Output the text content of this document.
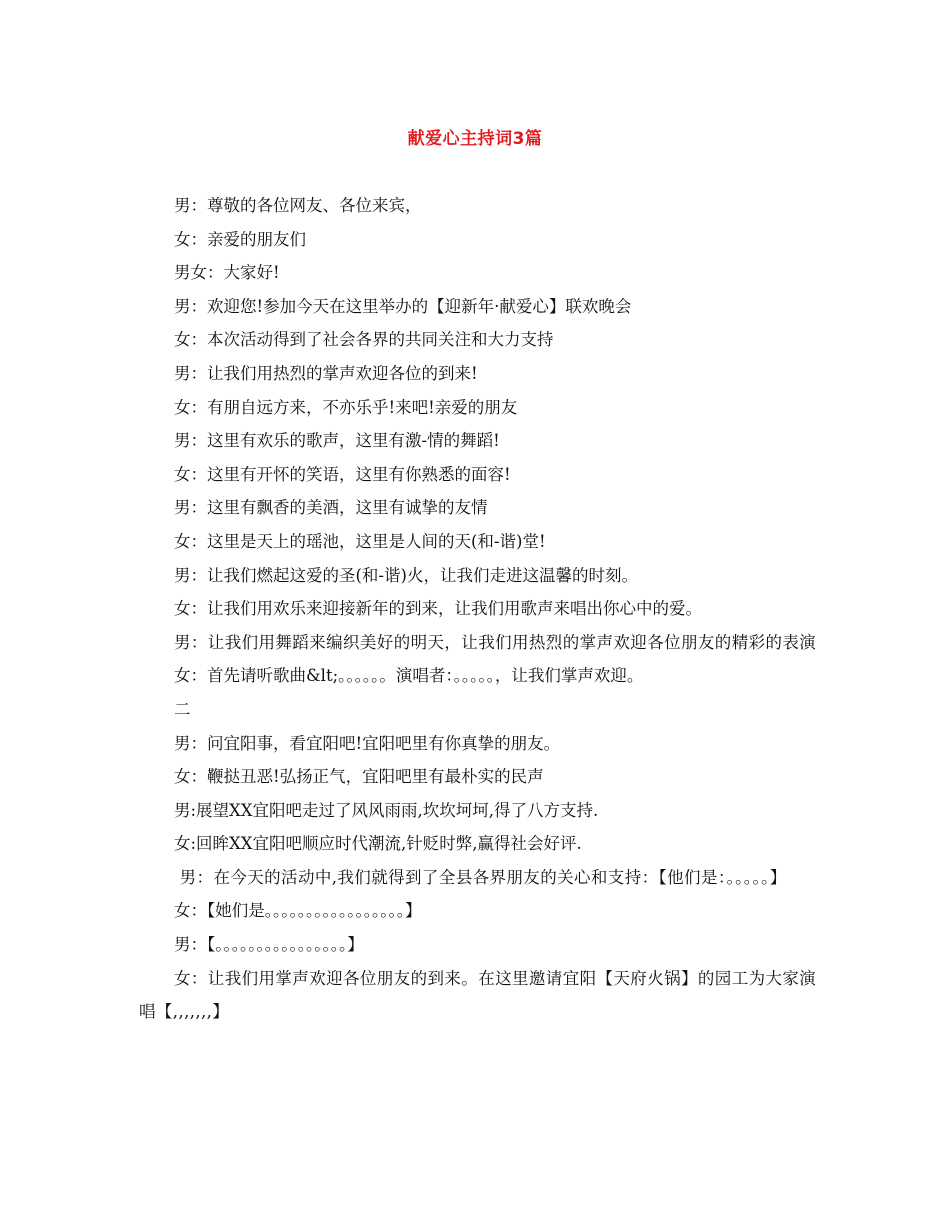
献爱心主持词3篇

男：尊敬的各位网友、各位来宾，

女：亲爱的朋友们

男女：大家好!

男：欢迎您!参加今天在这里举办的【迎新年·献爱心】联欢晚会

女：本次活动得到了社会各界的共同关注和大力支持

男：让我们用热烈的掌声欢迎各位的到来!

女：有朋自远方来，不亦乐乎!来吧!亲爱的朋友

男：这里有欢乐的歌声，这里有激-情的舞蹈!

女：这里有开怀的笑语，这里有你熟悉的面容!

男：这里有飘香的美酒，这里有诚挚的友情

女：这里是天上的瑶池，这里是人间的天(和-谐)堂!

男：让我们燃起这爱的圣(和-谐)火，让我们走进这温馨的时刻。

女：让我们用欢乐来迎接新年的到来，让我们用歌声来唱出你心中的爱。

男：让我们用舞蹈来编织美好的明天，让我们用热烈的掌声欢迎各位朋友的精彩的表演

女：首先请听歌曲&lt;。。。。。。演唱者：。。。。。，让我们掌声欢迎。

二

男：问宜阳事，看宜阳吧!宜阳吧里有你真挚的朋友。

女：鞭挞丑恶!弘扬正气，宜阳吧里有最朴实的民声

男:展望XX宜阳吧走过了风风雨雨,坎坎坷坷,得了八方支持.

女:回眸XX宜阳吧顺应时代潮流,针贬时弊,赢得社会好评.

男：在今天的活动中,我们就得到了全县各界朋友的关心和支持：【他们是：。。。。。】

女：【她们是。。。。。。。。。。。。。。。。。】

男：【。。。。。。。。。。。。。。。。】

女：让我们用掌声欢迎各位朋友的到来。在这里邀请宜阳【天府火锅】的园工为大家演唱【,,,,,,,】
